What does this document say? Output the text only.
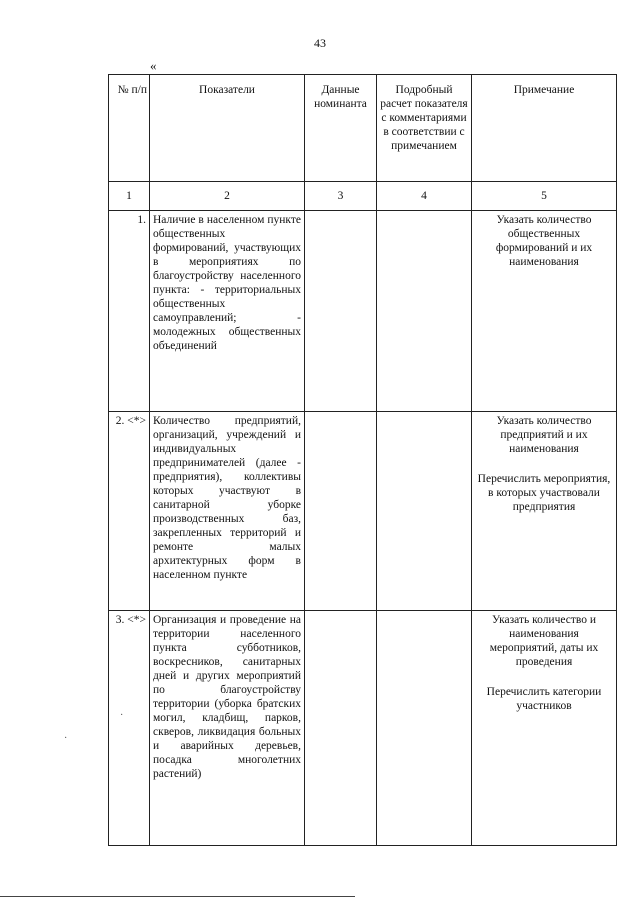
43
«
№ п/п	Показатели	Данные номинанта	Подробный расчет показателя с комментариями в соответствии с примечанием	Примечание
1	2	3	4	5
1.	Наличие в населенном пункте общественных формирований, участвующих в мероприятиях по благоустройству населенного пункта: - территориальных общественных самоуправлений; - молодежных общественных объединений			Указать количество общественных формирований и их наименования

2. <*>	Количество предприятий, организаций, учреждений и индивидуальных предпринимателей (далее - предприятия), коллективы которых участвуют в санитарной уборке производственных баз, закрепленных территорий и ремонте малых архитектурных форм в населенном пункте			Указать количество предприятий и их наименования
Перечислить мероприятия, в которых участвовали предприятия

3. <*>	Организация и проведение на территории населенного пункта субботников, воскресников, санитарных дней и других мероприятий по благоустройству территории (уборка братских могил, кладбищ, парков, скверов, ликвидация больных и аварийных деревьев, посадка многолетних растений)			Указать количество и наименования мероприятий, даты их проведения
Перечислить категории участников
·
·
